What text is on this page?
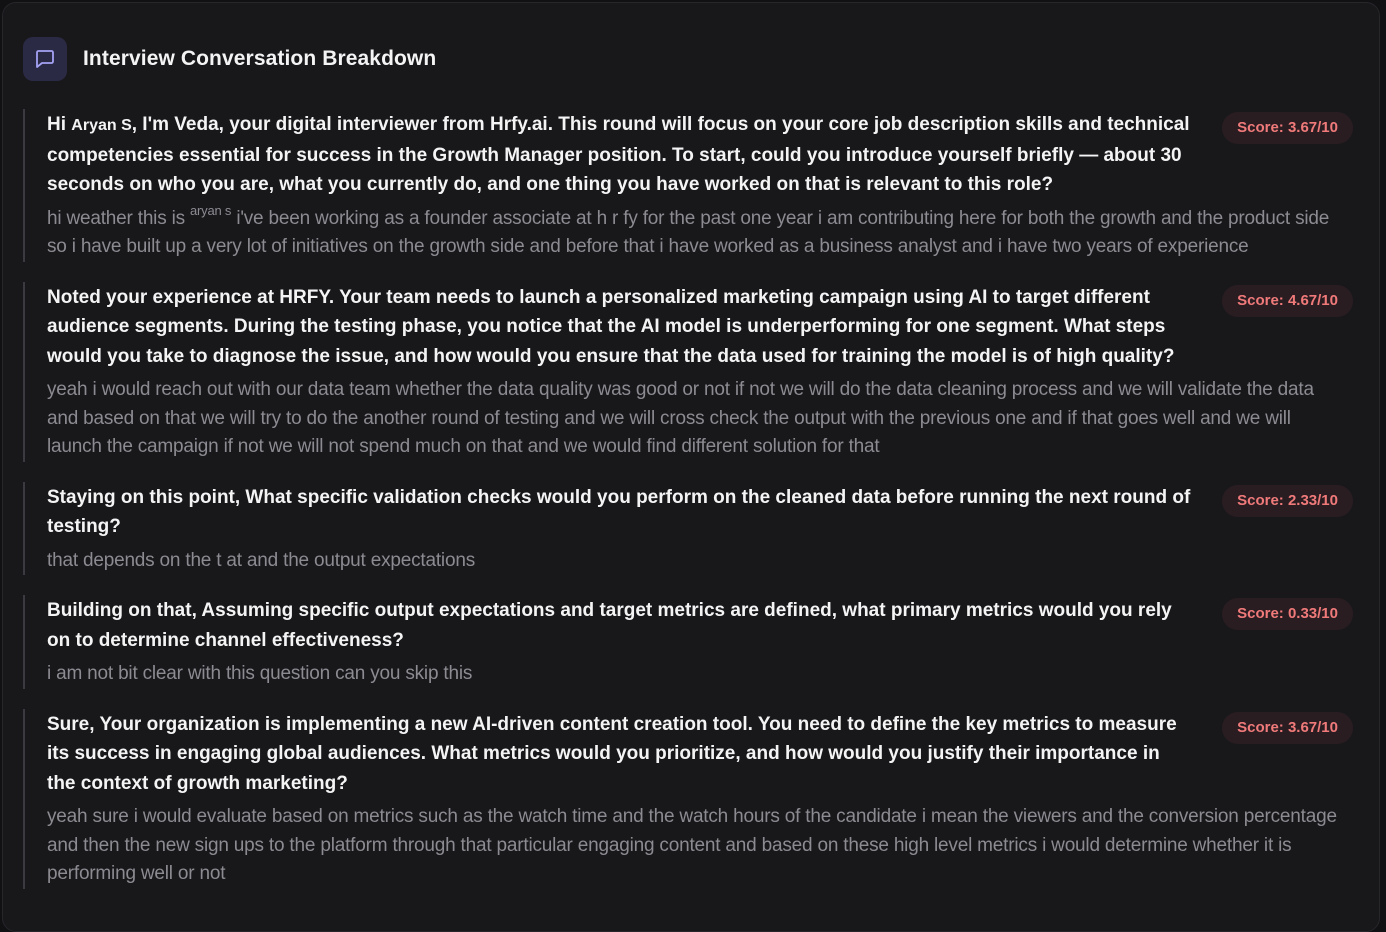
Interview Conversation Breakdown

Hi Aryan S, I'm Veda, your digital interviewer from Hrfy.ai. This round will focus on your core job description skills and technical competencies essential for success in the Growth Manager position. To start, could you introduce yourself briefly — about 30 seconds on who you are, what you currently do, and one thing you have worked on that is relevant to this role?

hi weather this is $^{aryan s}$ i've been working as a founder associate at h r fy for the past one year i am contributing here for both the growth and the product side so i have built up a very lot of initiatives on the growth side and before that i have worked as a business analyst and i have two years of experience
Score: 3.67/10

Noted your experience at HRFY. Your team needs to launch a personalized marketing campaign using AI to target different audience segments. During the testing phase, you notice that the AI model is underperforming for one segment. What steps would you take to diagnose the issue, and how would you ensure that the data used for training the model is of high quality?

yeah i would reach out with our data team whether the data quality was good or not if not we will do the data cleaning process and we will validate the data and based on that we will try to do the another round of testing and we will cross check the output with the previous one and if that goes well and we will launch the campaign if not we will not spend much on that and we would find different solution for that
Score: 4.67/10

Staying on this point, What specific validation checks would you perform on the cleaned data before running the next round of testing?

that depends on the t at and the output expectations
Score: 2.33/10

Building on that, Assuming specific output expectations and target metrics are defined, what primary metrics would you rely on to determine channel effectiveness?

i am not bit clear with this question can you skip this
Score: 0.33/10

Sure, Your organization is implementing a new AI-driven content creation tool. You need to define the key metrics to measure its success in engaging global audiences. What metrics would you prioritize, and how would you justify their importance in the context of growth marketing?

yeah sure i would evaluate based on metrics such as the watch time and the watch hours of the candidate i mean the viewers and the conversion percentage and then the new sign ups to the platform through that particular engaging content and based on these high level metrics i would determine whether it is performing well or not
Score: 3.67/10
